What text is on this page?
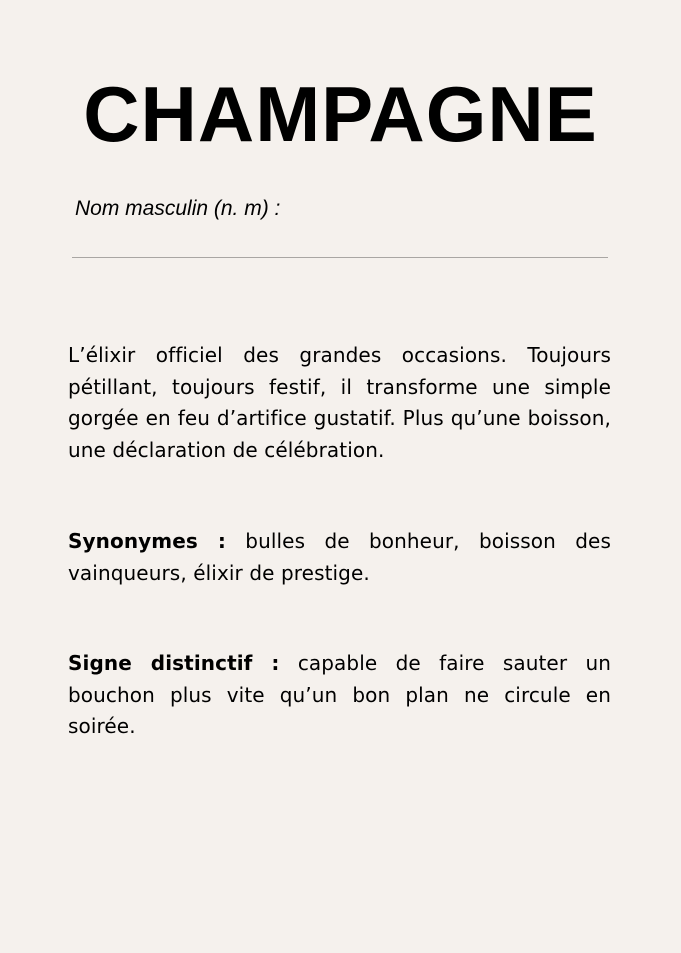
CHAMPAGNE

Nom masculin (n. m) :

L’élixir officiel des grandes occasions. Toujours pétillant, toujours festif, il transforme une simple gorgée en feu d’artifice gustatif. Plus qu’une boisson, une déclaration de célébration.

Synonymes : bulles de bonheur, boisson des vainqueurs, élixir de prestige.

Signe distinctif : capable de faire sauter un bouchon plus vite qu’un bon plan ne circule en soirée.
